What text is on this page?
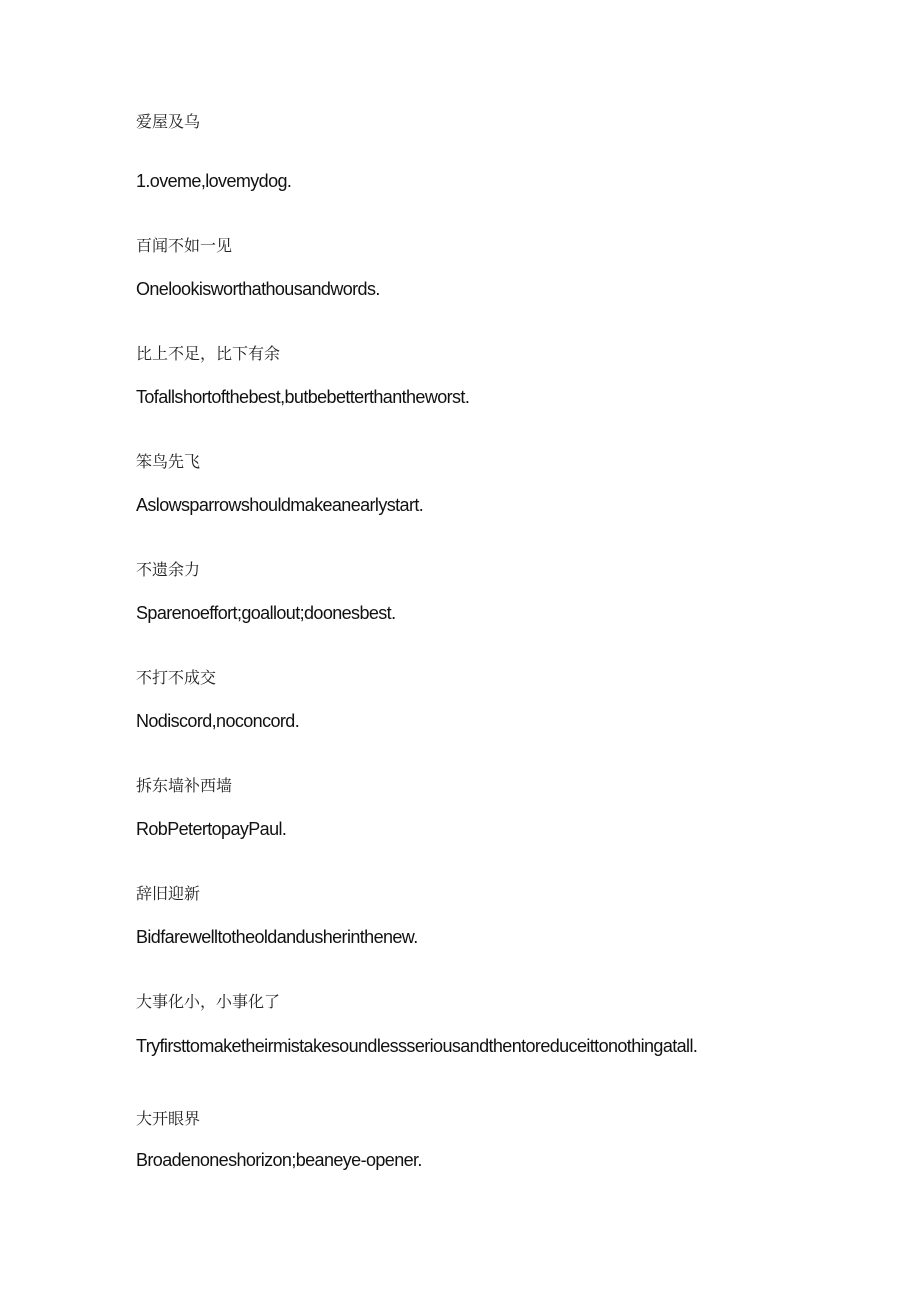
爱屋及乌

1.oveme,lovemydog.

百闻不如一见

Onelookisworthathousandwords.

比上不足，比下有余

Tofallshortofthebest,butbebetterthantheworst.

笨鸟先飞

Aslowsparrowshouldmakeanearlystart.

不遗余力

Sparenoeffort;goallout;doonesbest.

不打不成交

Nodiscord,noconcord.

拆东墙补西墙

RobPetertopayPaul.

辞旧迎新

Bidfarewelltotheoldandusherinthenew.

大事化小，小事化了

Tryfirsttomaketheirmistakesoundlessseriousandthentoreduceittonothingatall.

大开眼界

Broadenoneshorizon;beaneye-opener.
